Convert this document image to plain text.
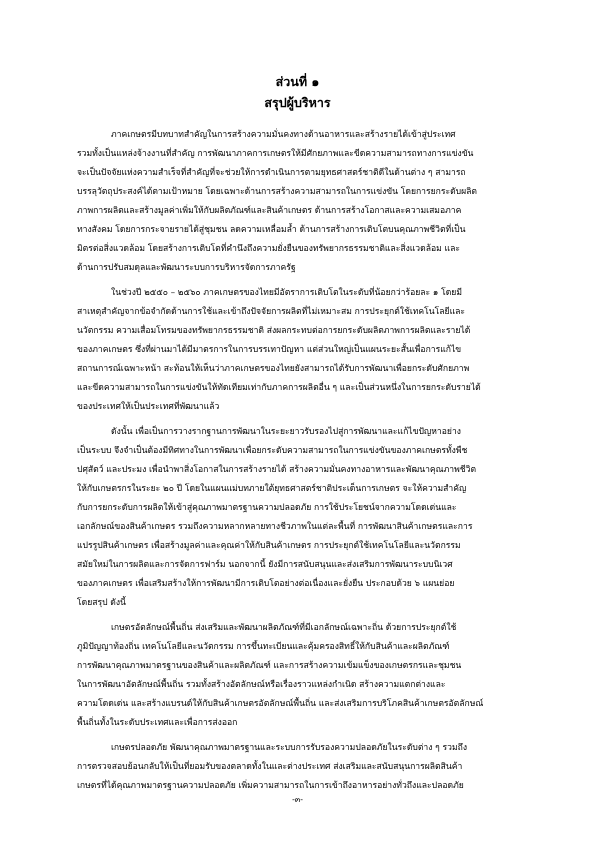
ส่วนที่ ๑
สรุปผู้บริหาร
ภาคเกษตรมีบทบาทสำคัญในการสร้างความมั่นคงทางด้านอาหารและสร้างรายได้เข้าสู่ประเทศ
รวมทั้งเป็นแหล่งจ้างงานที่สำคัญ การพัฒนาภาคการเกษตรให้มีศักยภาพและขีดความสามารถทางการแข่งขัน
จะเป็นปัจจัยแห่งความสำเร็จที่สำคัญที่จะช่วยให้การดำเนินการตามยุทธศาสตร์ชาติดีในด้านต่าง ๆ สามารถ
บรรลุวัตถุประสงค์ได้ตามเป้าหมาย โดยเฉพาะด้านการสร้างความสามารถในการแข่งขัน โดยการยกระดับผลิต
ภาพการผลิตและสร้างมูลค่าเพิ่มให้กับผลิตภัณฑ์และสินค้าเกษตร ด้านการสร้างโอกาสและความเสมอภาค
ทางสังคม โดยการกระจายรายได้สู่ชุมชน ลดความเหลื่อมล้ำ ด้านการสร้างการเติบโตบนคุณภาพชีวิตที่เป็น
มิตรต่อสิ่งแวดล้อม โดยสร้างการเติบโตที่คำนึงถึงความยั่งยืนของทรัพยากรธรรมชาติและสิ่งแวดล้อม และ
ด้านการปรับสมดุลและพัฒนาระบบการบริหารจัดการภาครัฐ
ในช่วงปี ๒๕๕๐ – ๒๕๖๐ ภาคเกษตรของไทยมีอัตราการเติบโตในระดับที่น้อยกว่าร้อยละ ๑ โดยมี
สาเหตุสำคัญจากข้อจำกัดด้านการใช้และเข้าถึงปัจจัยการผลิตที่ไม่เหมาะสม การประยุกต์ใช้เทคโนโลยีและ
นวัตกรรม ความเสื่อมโทรมของทรัพยากรธรรมชาติ ส่งผลกระทบต่อการยกระดับผลิตภาพการผลิตและรายได้
ของภาคเกษตร ซึ่งที่ผ่านมาได้มีมาตรการในการบรรเทาปัญหา แต่ส่วนใหญ่เป็นแผนระยะสั้นเพื่อการแก้ไข
สถานการณ์เฉพาะหน้า สะท้อนให้เห็นว่าภาคเกษตรของไทยยังสามารถได้รับการพัฒนาเพื่อยกระดับศักยภาพ
และขีดความสามารถในการแข่งขันให้ทัดเทียมเท่ากับภาคการผลิตอื่น ๆ และเป็นส่วนหนึ่งในการยกระดับรายได้
ของประเทศให้เป็นประเทศที่พัฒนาแล้ว
ดังนั้น เพื่อเป็นการวางรากฐานการพัฒนาในระยะยาวรับรองไปสู่การพัฒนาและแก้ไขปัญหาอย่าง
เป็นระบบ จึงจำเป็นต้องมีทิศทางในการพัฒนาเพื่อยกระดับความสามารถในการแข่งขันของภาคเกษตรทั้งพืช
ปศุสัตว์ และประมง เพื่อนำพาสิ่งโอกาสในการสร้างรายได้ สร้างความมั่นคงทางอาหารและพัฒนาคุณภาพชีวิต
ให้กับเกษตรกรในระยะ ๒๐ ปี โดยในแผนแม่บทภายใต้ยุทธศาสตร์ชาติประเด็นการเกษตร จะให้ความสำคัญ
กับการยกระดับการผลิตให้เข้าสู่คุณภาพมาตรฐานความปลอดภัย การใช้ประโยชน์จากความโดดเด่นและ
เอกลักษณ์ของสินค้าเกษตร รวมถึงความหลากหลายทางชีวภาพในแต่ละพื้นที่ การพัฒนาสินค้าเกษตรและการ
แปรรูปสินค้าเกษตร เพื่อสร้างมูลค่าและคุณค่าให้กับสินค้าเกษตร การประยุกต์ใช้เทคโนโลยีและนวัตกรรม
สมัยใหม่ในการผลิตและการจัดการฟาร์ม นอกจากนี้ ยังมีการสนับสนุนและส่งเสริมการพัฒนาระบบนิเวศ
ของภาคเกษตร เพื่อเสริมสร้างให้การพัฒนามีการเติบโตอย่างต่อเนื่องและยั่งยืน ประกอบด้วย ๖ แผนย่อย
โดยสรุป ดังนี้
เกษตรอัตลักษณ์พื้นถิ่น ส่งเสริมและพัฒนาผลิตภัณฑ์ที่มีเอกลักษณ์เฉพาะถิ่น ด้วยการประยุกต์ใช้
ภูมิปัญญาท้องถิ่น เทคโนโลยีและนวัตกรรม การขึ้นทะเบียนและคุ้มครองสิทธิ์ให้กับสินค้าและผลิตภัณฑ์
การพัฒนาคุณภาพมาตรฐานของสินค้าและผลิตภัณฑ์ และการสร้างความเข้มแข็งของเกษตรกรและชุมชน
ในการพัฒนาอัตลักษณ์พื้นถิ่น รวมทั้งสร้างอัตลักษณ์หรือเรื่องราวแหล่งกำเนิด สร้างความแตกต่างและ
ความโดดเด่น และสร้างแบรนด์ให้กับสินค้าเกษตรอัตลักษณ์พื้นถิ่น และส่งเสริมการบริโภคสินค้าเกษตรอัตลักษณ์
พื้นถิ่นทั้งในระดับประเทศและเพื่อการส่งออก
เกษตรปลอดภัย พัฒนาคุณภาพมาตรฐานและระบบการรับรองความปลอดภัยในระดับต่าง ๆ รวมถึง
การตรวจสอบย้อนกลับให้เป็นที่ยอมรับของตลาดทั้งในและต่างประเทศ ส่งเสริมและสนับสนุนการผลิตสินค้า
เกษตรที่ได้คุณภาพมาตรฐานความปลอดภัย เพิ่มความสามารถในการเข้าถึงอาหารอย่างทั่วถึงและปลอดภัย
-๓-
